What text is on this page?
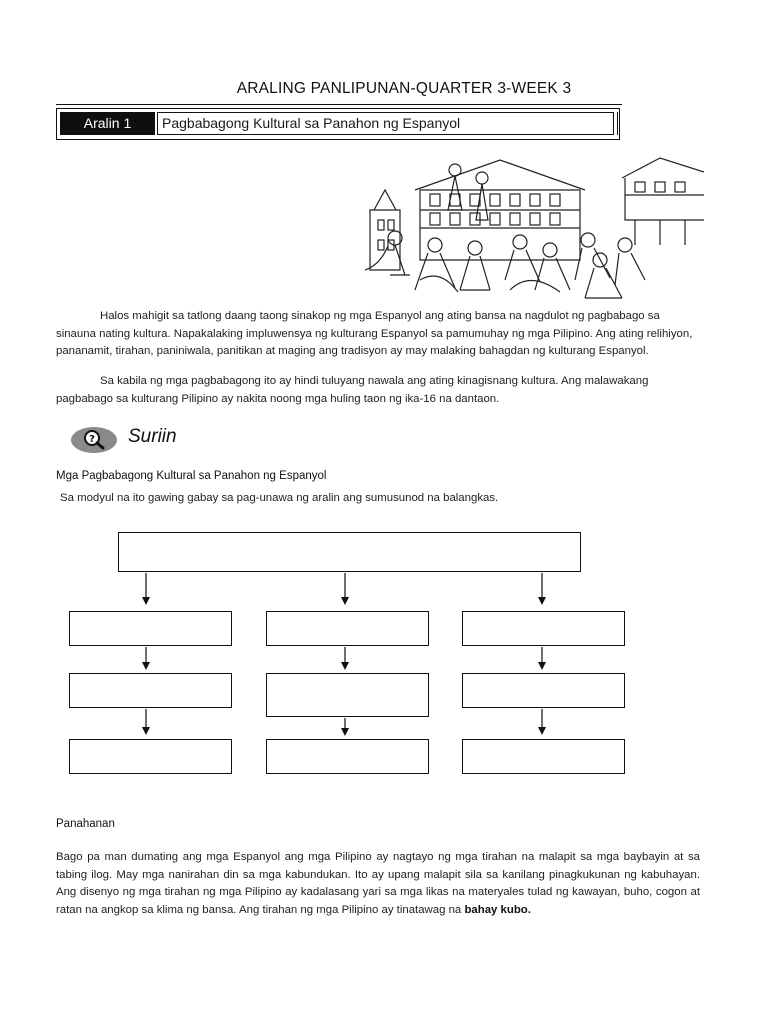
ARALING PANLIPUNAN-QUARTER 3-WEEK 3
Aralin 1	Pagbabagong Kultural sa Panahon ng Espanyol
Halos mahigit sa tatlong daang taong sinakop ng mga Espanyol ang ating bansa na nagdulot ng pagbabago sa sinauna nating kultura. Napakalaking impluwensya ng kulturang Espanyol sa pamumuhay ng mga Pilipino. Ang ating relihiyon, pananamit, tirahan, paniniwala, panitikan at maging ang tradisyon ay may malaking bahagdan ng kulturang Espanyol.
Sa kabila ng mga pagbabagong ito ay hindi tuluyang nawala ang ating kinagisnang kultura. Ang malawakang pagbabago sa kulturang Pilipino ay nakita noong mga huling taon ng ika-16 na dantaon.
? Suriin
Mga Pagbabagong Kultural sa Panahon ng Espanyol
Sa modyul na ito gawing gabay sa pag-unawa ng aralin ang sumusunod na balangkas.
Panahanan
Bago pa man dumating ang mga Espanyol ang mga Pilipino ay nagtayo ng mga tirahan na malapit sa mga baybayin at sa tabing ilog. May mga nanirahan din sa mga kabundukan. Ito ay upang malapit sila sa kanilang pinagkukunan ng kabuhayan. Ang disenyo ng mga tirahan ng mga Pilipino ay kadalasang yari sa mga likas na materyales tulad ng kawayan, buho, cogon at ratan na angkop sa klima ng bansa. Ang tirahan ng mga Pilipino ay tinatawag na bahay kubo.
